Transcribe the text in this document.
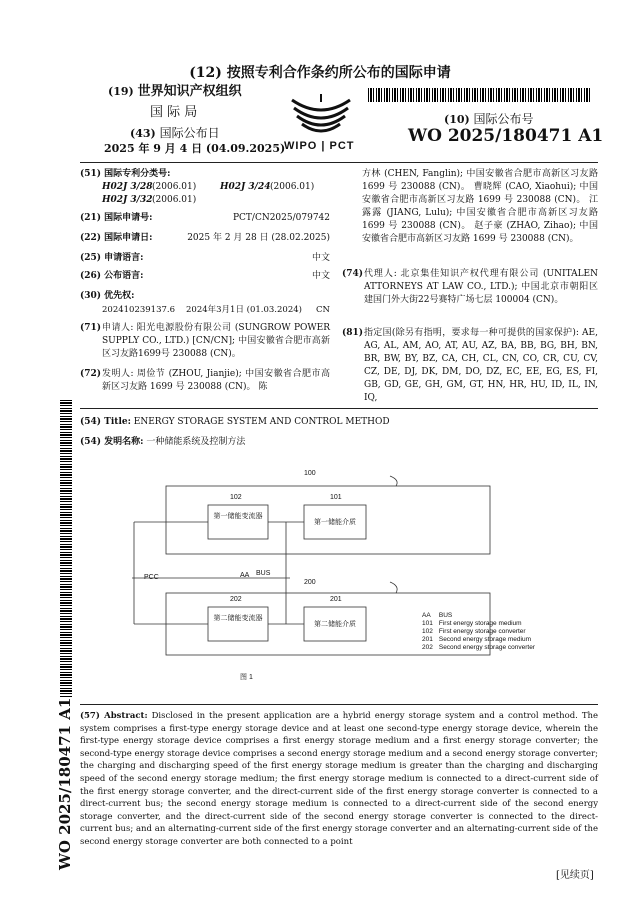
(12) 按照专利合作条约所公布的国际申请
(19) 世界知识产权组织
国 际 局
(43) 国际公布日
2025 年 9 月 4 日 (04.09.2025)
WIPO | PCT
(10) 国际公布号
WO 2025/180471 A1
(51) 国际专利分类号:
H02J 3/28 (2006.01)	H02J 3/24 (2006.01)
H02J 3/32 (2006.01)
(21) 国际申请号:	PCT/CN2025/079742
(22) 国际申请日:	2025 年 2 月 28 日 (28.02.2025)
(25) 申请语言:	中文
(26) 公布语言:	中文
(30) 优先权:
202410239137.6 2024年3月1日 (01.03.2024) CN
(71) 申请人: 阳光电源股份有限公司 (SUNGROW POWER SUPPLY CO., LTD.) [CN/CN]; 中国安徽省合肥市高新区习友路1699号 230088 (CN)。
(72) 发明人: 周俭节 (ZHOU, Jianjie); 中国安徽省合肥市高新区习友路 1699 号 230088 (CN)。 陈
方林 (CHEN, Fanglin); 中国安徽省合肥市高新区习友路 1699 号 230088 (CN)。 曹晓辉 (CAO, Xiaohui); 中国安徽省合肥市高新区习友路 1699 号 230088 (CN)。 江露露 (JIANG, Lulu); 中国安徽省合肥市高新区习友路 1699 号 230088 (CN)。 赵子豪 (ZHAO, Zihao); 中国安徽省合肥市高新区习友路 1699 号 230088 (CN)。
(74) 代理人: 北京集佳知识产权代理有限公司 (UNITALEN ATTORNEYS AT LAW CO., LTD.); 中国北京市朝阳区建国门外大街22号赛特广场七层 100004 (CN)。
(81) 指定国(除另有指明，要求每一种可提供的国家保护): AE, AG, AL, AM, AO, AT, AU, AZ, BA, BB, BG, BH, BN, BR, BW, BY, BZ, CA, CH, CL, CN, CO, CR, CU, CV, CZ, DE, DJ, DK, DM, DO, DZ, EC, EE, EG, ES, FI, GB, GD, GE, GH, GM, GT, HN, HR, HU, ID, IL, IN, IQ,
(54) Title: ENERGY STORAGE SYSTEM AND CONTROL METHOD
(54) 发明名称: 一种储能系统及控制方法
WO 2025/180471 A1
100
102	101
第一储能变流器
第一储能介质
PCC	AA BUS
200
202	201
第二储能变流器
第二储能介质
图 1
AA	BUS
101	First energy storage medium
102	First energy storage converter
201	Second energy storage medium
202	Second energy storage converter
(57) Abstract: Disclosed in the present application are a hybrid energy storage system and a control method. The system comprises a first-type energy storage device and at least one second-type energy storage device, wherein the first-type energy storage device comprises a first energy storage medium and a first energy storage converter; the second-type energy storage device comprises a second energy storage medium and a second energy storage converter; the charging and discharging speed of the first energy storage medium is greater than the charging and discharging speed of the second energy storage medium; the first energy storage medium is connected to a direct-current side of the first energy storage converter, and the direct-current side of the first energy storage converter is connected to a direct-current bus; the second energy storage medium is connected to a direct-current side of the second energy storage converter, and the direct-current side of the second energy storage converter is connected to the direct-current bus; and an alternating-current side of the first energy storage converter and an alternating-current side of the second energy storage converter are both connected to a point
[见续页]
